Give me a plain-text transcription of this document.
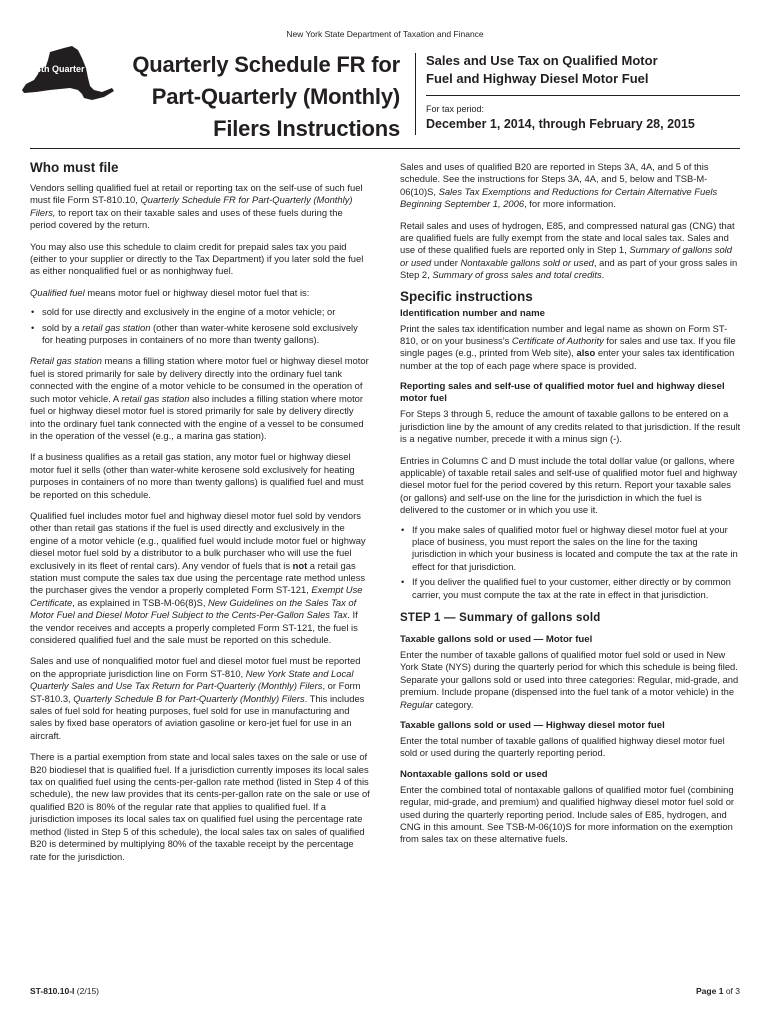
New York State Department of Taxation and Finance
4th Quarter	Quarterly Schedule FR for
Part-Quarterly (Monthly)
Filers Instructions
Sales and Use Tax on Qualified Motor
Fuel and Highway Diesel Motor Fuel
For tax period:
December 1, 2014, through February 28, 2015
Who must file

Vendors selling qualified fuel at retail or reporting tax on the self-use of such fuel must file Form ST-810.10, Quarterly Schedule FR for Part-Quarterly (Monthly) Filers, to report tax on their taxable sales and uses of these fuels during the period covered by the return.

You may also use this schedule to claim credit for prepaid sales tax you paid (either to your supplier or directly to the Tax Department) if you later sold the fuel as either nonqualified fuel or as nonhighway fuel.

Qualified fuel means motor fuel or highway diesel motor fuel that is:

• sold for use directly and exclusively in the engine of a motor vehicle; or
• sold by a retail gas station (other than water-white kerosene sold exclusively for heating purposes in containers of no more than twenty gallons).

Retail gas station means a filling station where motor fuel or highway diesel motor fuel is stored primarily for sale by delivery directly into the ordinary fuel tank connected with the engine of a motor vehicle to be consumed in the operation of such motor vehicle. A retail gas station also includes a filling station where motor fuel or highway diesel motor fuel is stored primarily for sale by delivery directly into the ordinary fuel tank connected with the engine of a vessel to be consumed in the operation of the vessel (e.g., a marina gas station).

If a business qualifies as a retail gas station, any motor fuel or highway diesel motor fuel it sells (other than water-white kerosene sold exclusively for heating purposes in containers of no more than twenty gallons) is qualified fuel and must be reported on this schedule.

Qualified fuel includes motor fuel and highway diesel motor fuel sold by vendors other than retail gas stations if the fuel is used directly and exclusively in the engine of a motor vehicle (e.g., qualified fuel would include motor fuel or highway diesel motor fuel sold by a distributor to a bulk purchaser who will use the fuel exclusively in its fleet of rental cars). Any vendor of fuels that is not a retail gas station must compute the sales tax due using the percentage rate method unless the purchaser gives the vendor a properly completed Form ST-121, Exempt Use Certificate, as explained in TSB-M-06(8)S, New Guidelines on the Sales Tax of Motor Fuel and Diesel Motor Fuel Subject to the Cents-Per-Gallon Sales Tax. If the vendor receives and accepts a properly completed Form ST-121, the fuel is considered qualified fuel and the sale must be reported on this schedule.

Sales and use of nonqualified motor fuel and diesel motor fuel must be reported on the appropriate jurisdiction line on Form ST-810, New York State and Local Quarterly Sales and Use Tax Return for Part-Quarterly (Monthly) Filers, or Form ST-810.3, Quarterly Schedule B for Part-Quarterly (Monthly) Filers. This includes sales of fuel sold for heating purposes, fuel sold for use in manufacturing and sales by fixed base operators of aviation gasoline or kero-jet fuel for use in an aircraft.

There is a partial exemption from state and local sales taxes on the sale or use of B20 biodiesel that is qualified fuel. If a jurisdiction currently imposes its local sales tax on qualified fuel using the cents-per-gallon rate method (listed in Step 4 of this schedule), the new law provides that its cents-per-gallon rate on the sale or use of qualified B20 is 80% of the regular rate that applies to qualified fuel. If a jurisdiction imposes its local sales tax on qualified fuel using the percentage rate method (listed in Step 5 of this schedule), the local sales tax on sales of qualified B20 is determined by multiplying 80% of the taxable receipt by the percentage rate for the jurisdiction.

Sales and uses of qualified B20 are reported in Steps 3A, 4A, and 5 of this schedule. See the instructions for Steps 3A, 4A, and 5, below and TSB-M-06(10)S, Sales Tax Exemptions and Reductions for Certain Alternative Fuels Beginning September 1, 2006, for more information.

Retail sales and uses of hydrogen, E85, and compressed natural gas (CNG) that are qualified fuels are fully exempt from the state and local sales tax. Sales and use of these qualified fuels are reported only in Step 1, Summary of gallons sold or used under Nontaxable gallons sold or used, and as part of your gross sales in Step 2, Summary of gross sales and total credits.

Specific instructions
Identification number and name

Print the sales tax identification number and legal name as shown on Form ST-810, or on your business’s Certificate of Authority for sales and use tax. If you file single pages (e.g., printed from Web site), also enter your sales tax identification number at the top of each page where space is provided.

Reporting sales and self-use of qualified motor fuel and highway diesel motor fuel

For Steps 3 through 5, reduce the amount of taxable gallons to be entered on a jurisdiction line by the amount of any credits related to that jurisdiction. If the result is a negative number, precede it with a minus sign (-).

Entries in Columns C and D must include the total dollar value (or gallons, where applicable) of taxable retail sales and self-use of qualified motor fuel and highway diesel motor fuel for the period covered by this return. Report your taxable sales (or gallons) and self-use on the line for the jurisdiction in which the fuel is delivered to the customer or in which you use it.

• If you make sales of qualified motor fuel or highway diesel motor fuel at your place of business, you must report the sales on the line for the taxing jurisdiction in which your business is located and compute the tax at the rate in effect for that jurisdiction.
• If you deliver the qualified fuel to your customer, either directly or by common carrier, you must compute the tax at the rate in effect in that jurisdiction.
STEP 1 — Summary of gallons sold
Taxable gallons sold or used — Motor fuel

Enter the number of taxable gallons of qualified motor fuel sold or used in New York State (NYS) during the quarterly period for which this schedule is being filed. Separate your gallons sold or used into three categories: Regular, mid-grade, and premium. Include propane (dispensed into the fuel tank of a motor vehicle) in the Regular category.

Taxable gallons sold or used — Highway diesel motor fuel

Enter the total number of taxable gallons of qualified highway diesel motor fuel sold or used during the quarterly reporting period.

Nontaxable gallons sold or used

Enter the combined total of nontaxable gallons of qualified motor fuel (combining regular, mid-grade, and premium) and qualified highway diesel motor fuel sold or used during the quarterly reporting period. Include sales of E85, hydrogen, and CNG in this amount. See TSB-M-06(10)S for more information on the exemption from sales tax on these alternative fuels.

ST-810.10-I (2/15)	Page 1 of 3
